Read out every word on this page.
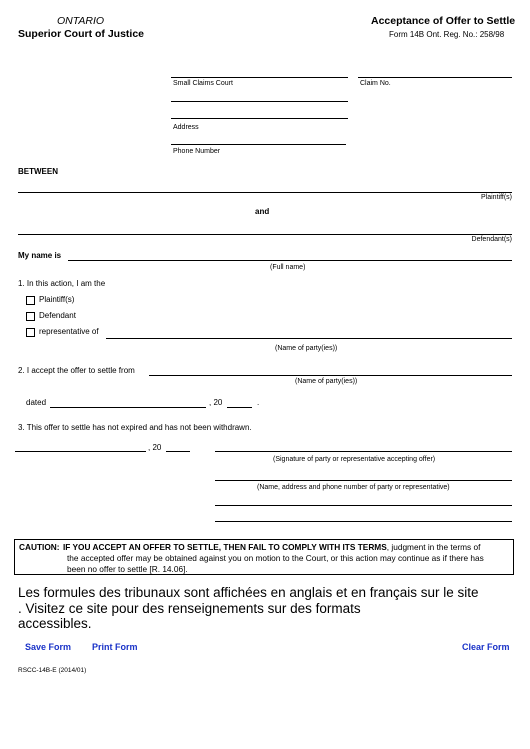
ONTARIO
Superior Court of Justice
Acceptance of Offer to Settle
Form 14B Ont. Reg. No.: 258/98
Small Claims Court	Claim No.
Address
Phone Number
BETWEEN
Plaintiff(s)
and
Defendant(s)
My name is
(Full name)
1. In this action, I am the
Plaintiff(s)
Defendant
representative of
(Name of party(ies))
2. I accept the offer to settle from
(Name of party(ies))
dated	, 20	.
3. This offer to settle has not expired and has not been withdrawn.
, 20
(Signature of party or representative accepting offer)
(Name, address and phone number of party or representative)
CAUTION: IF YOU ACCEPT AN OFFER TO SETTLE, THEN FAIL TO COMPLY WITH ITS TERMS, judgment in the terms of
the accepted offer may be obtained against you on motion to the Court, or this action may continue as if there has
been no offer to settle [R. 14.06].
Les formules des tribunaux sont affichées en anglais et en français sur le site
. Visitez ce site pour des renseignements sur des formats
accessibles.
Save Form Print Form	Clear Form
RSCC-14B-E (2014/01)
